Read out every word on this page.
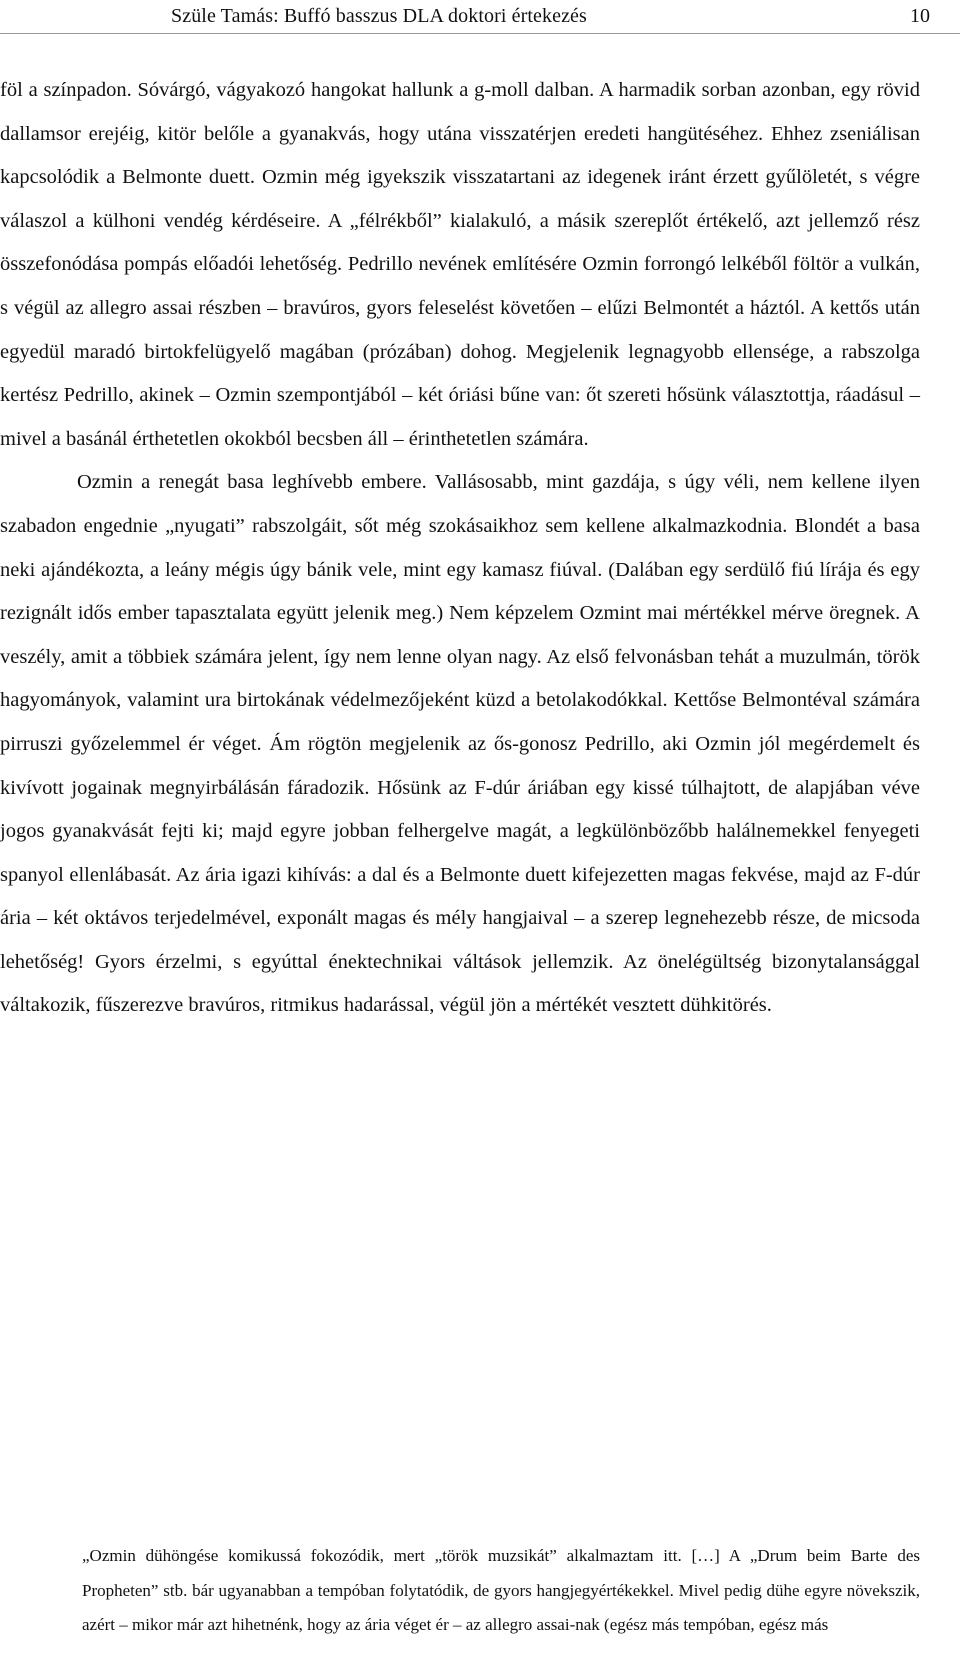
Szüle Tamás: Buffó basszus DLA doktori értekezés	10

föl a színpadon. Sóvárgó, vágyakozó hangokat hallunk a g-moll dalban. A harmadik sorban azonban, egy rövid dallamsor erejéig, kitör belőle a gyanakvás, hogy utána visszatérjen eredeti hangütéséhez. Ehhez zseniálisan kapcsolódik a Belmonte duett. Ozmin még igyekszik visszatartani az idegenek iránt érzett gyűlöletét, s végre válaszol a külhoni vendég kérdéseire. A „félrékből” kialakuló, a másik szereplőt értékelő, azt jellemző rész összefonódása pompás előadói lehetőség. Pedrillo nevének említésére Ozmin forrongó lelkéből föltör a vulkán, s végül az allegro assai részben – bravúros, gyors feleselést követően – elűzi Belmontét a háztól. A kettős után egyedül maradó birtokfelügyelő magában (prózában) dohog. Megjelenik legnagyobb ellensége, a rabszolga kertész Pedrillo, akinek – Ozmin szempontjából – két óriási bűne van: őt szereti hősünk választottja, ráadásul – mivel a basánál érthetetlen okokból becsben áll – érinthetetlen számára.

Ozmin a renegát basa leghívebb embere. Vallásosabb, mint gazdája, s úgy véli, nem kellene ilyen szabadon engednie „nyugati” rabszolgáit, sőt még szokásaikhoz sem kellene alkalmazkodnia. Blondét a basa neki ajándékozta, a leány mégis úgy bánik vele, mint egy kamasz fiúval. (Dalában egy serdülő fiú lírája és egy rezignált idős ember tapasztalata együtt jelenik meg.) Nem képzelem Ozmint mai mértékkel mérve öregnek. A veszély, amit a többiek számára jelent, így nem lenne olyan nagy. Az első felvonásban tehát a muzulmán, török hagyományok, valamint ura birtokának védelmezőjeként küzd a betolakodókkal. Kettőse Belmontéval számára pirruszi győzelemmel ér véget. Ám rögtön megjelenik az ős-gonosz Pedrillo, aki Ozmin jól megérdemelt és kivívott jogainak megnyirbálásán fáradozik. Hősünk az F-dúr áriában egy kissé túlhajtott, de alapjában véve jogos gyanakvását fejti ki; majd egyre jobban felhergelve magát, a legkülönbözőbb halálnemekkel fenyegeti spanyol ellenlábasát. Az ária igazi kihívás: a dal és a Belmonte duett kifejezetten magas fekvése, majd az F-dúr ária – két oktávos terjedelmével, exponált magas és mély hangjaival – a szerep legnehezebb része, de micsoda lehetőség! Gyors érzelmi, s egyúttal énektechnikai váltások jellemzik. Az önelégültség bizonytalansággal váltakozik, fűszerezve bravúros, ritmikus hadarással, végül jön a mértékét vesztett dühkitörés.

„Ozmin dühöngése komikussá fokozódik, mert „török muzsikát” alkalmaztam itt. […] A „Drum beim Barte des Propheten” stb. bár ugyanabban a tempóban folytatódik, de gyors hangjegyértékekkel. Mivel pedig dühe egyre növekszik, azért – mikor már azt hihetnénk, hogy az ária véget ér – az allegro assai-nak (egész más tempóban, egész más
